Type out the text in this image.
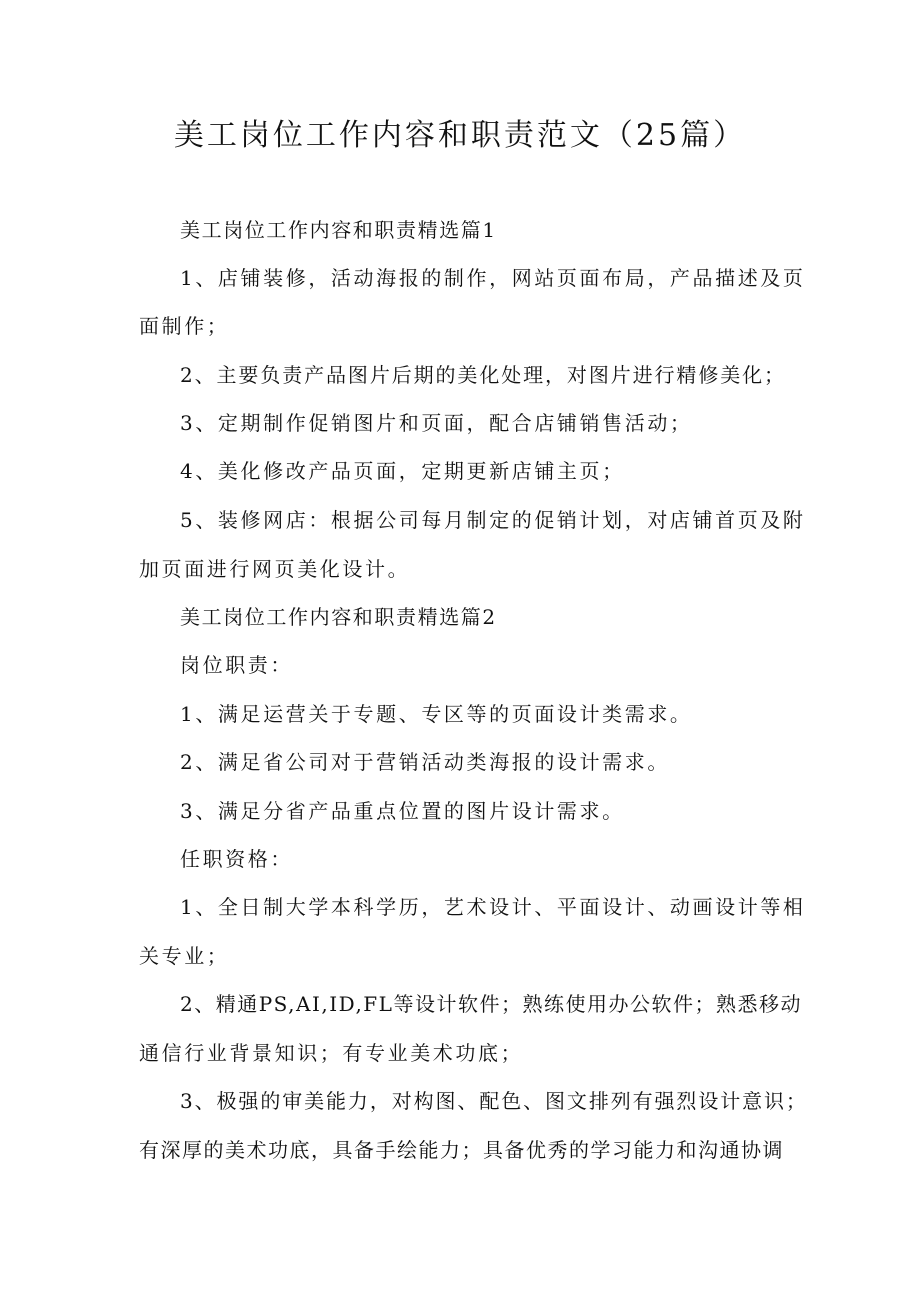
美工岗位工作内容和职责范文（25篇）
美工岗位工作内容和职责精选篇1
1、店铺装修，活动海报的制作，网站页面布局，产品描述及页
面制作；
2、主要负责产品图片后期的美化处理，对图片进行精修美化；
3、定期制作促销图片和页面，配合店铺销售活动；
4、美化修改产品页面，定期更新店铺主页；
5、装修网店：根据公司每月制定的促销计划，对店铺首页及附
加页面进行网页美化设计。
美工岗位工作内容和职责精选篇2
岗位职责：
1、满足运营关于专题、专区等的页面设计类需求。
2、满足省公司对于营销活动类海报的设计需求。
3、满足分省产品重点位置的图片设计需求。
任职资格：
1、全日制大学本科学历，艺术设计、平面设计、动画设计等相
关专业；
2、精通PS,AI,ID,FL等设计软件；熟练使用办公软件；熟悉移动
通信行业背景知识；有专业美术功底；
3、极强的审美能力，对构图、配色、图文排列有强烈设计意识；
有深厚的美术功底，具备手绘能力；具备优秀的学习能力和沟通协调
